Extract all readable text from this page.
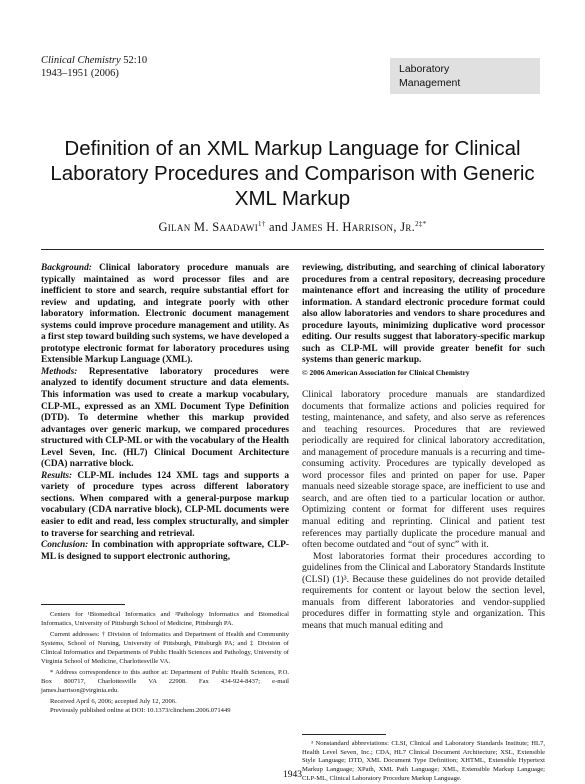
Clinical Chemistry 52:10
1943–1951 (2006)	Laboratory
Management
Definition of an XML Markup Language for Clinical Laboratory Procedures and Comparison with Generic XML Markup
Gilan M. Saadawi$^{1\dagger}$ and James H. Harrison, Jr.$^{2\ddagger*}$

Background: Clinical laboratory procedure manuals are typically maintained as word processor files and are inefficient to store and search, require substantial effort for review and updating, and integrate poorly with other laboratory information. Electronic document management systems could improve procedure management and utility. As a first step toward building such systems, we have developed a prototype electronic format for laboratory procedures using Extensible Markup Language (XML).

Methods: Representative laboratory procedures were analyzed to identify document structure and data elements. This information was used to create a markup vocabulary, CLP-ML, expressed as an XML Document Type Definition (DTD). To determine whether this markup provided advantages over generic markup, we compared procedures structured with CLP-ML or with the vocabulary of the Health Level Seven, Inc. (HL7) Clinical Document Architecture (CDA) narrative block.

Results: CLP-ML includes 124 XML tags and supports a variety of procedure types across different laboratory sections. When compared with a general-purpose markup vocabulary (CDA narrative block), CLP-ML documents were easier to edit and read, less complex structurally, and simpler to traverse for searching and retrieval.

Conclusion: In combination with appropriate software, CLP-ML is designed to support electronic authoring,

reviewing, distributing, and searching of clinical laboratory procedures from a central repository, decreasing procedure maintenance effort and increasing the utility of procedure information. A standard electronic procedure format could also allow laboratories and vendors to share procedures and procedure layouts, minimizing duplicative word processor editing. Our results suggest that laboratory-specific markup such as CLP-ML will provide greater benefit for such systems than generic markup.

© 2006 American Association for Clinical Chemistry

Clinical laboratory procedure manuals are standardized documents that formalize actions and policies required for testing, maintenance, and safety, and also serve as references and teaching resources. Procedures that are reviewed periodically are required for clinical laboratory accreditation, and management of procedure manuals is a recurring and time-consuming activity. Procedures are typically developed as word processor files and printed on paper for use. Paper manuals need sizeable storage space, are inefficient to use and search, and are often tied to a particular location or author. Optimizing content or format for different uses requires manual editing and reprinting. Clinical and patient test references may partially duplicate the procedure manual and often become outdated and “out of sync” with it.

Most laboratories format their procedures according to guidelines from the Clinical and Laboratory Standards Institute (CLSI) (1)³. Because these guidelines do not provide detailed requirements for content or layout below the section level, manuals from different laboratories and vendor-supplied procedures differ in formatting style and organization. This means that much manual editing and

Centers for ¹Biomedical Informatics and ²Pathology Informatics and Biomedical Informatics, University of Pittsburgh School of Medicine, Pittsburgh PA.

Current addresses: † Division of Informatics and Department of Health and Community Systems, School of Nursing, University of Pittsburgh, Pittsburgh PA; and ‡ Division of Clinical Informatics and Departments of Public Health Sciences and Pathology, University of Virginia School of Medicine, Charlottesville VA.

* Address correspondence to this author at: Department of Public Health Sciences, P.O. Box 800717, Charlottesville VA 22908. Fax 434-924-8437; e-mail james.harrison@virginia.edu.

Received April 6, 2006; accepted July 12, 2006.

Previously published online at DOI: 10.1373/clinchem.2006.071449

³ Nonstandard abbreviations: CLSI, Clinical and Laboratory Standards Institute; HL7, Health Level Seven, Inc.; CDA, HL7 Clinical Document Architecture; XSL, Extensible Style Language; DTD, XML Document Type Definition; XHTML, Extensible Hypertext Markup Language; XPath, XML Path Language; XML, Extensible Markup Language; CLP-ML, Clinical Laboratory Procedure Markup Language.

1943
